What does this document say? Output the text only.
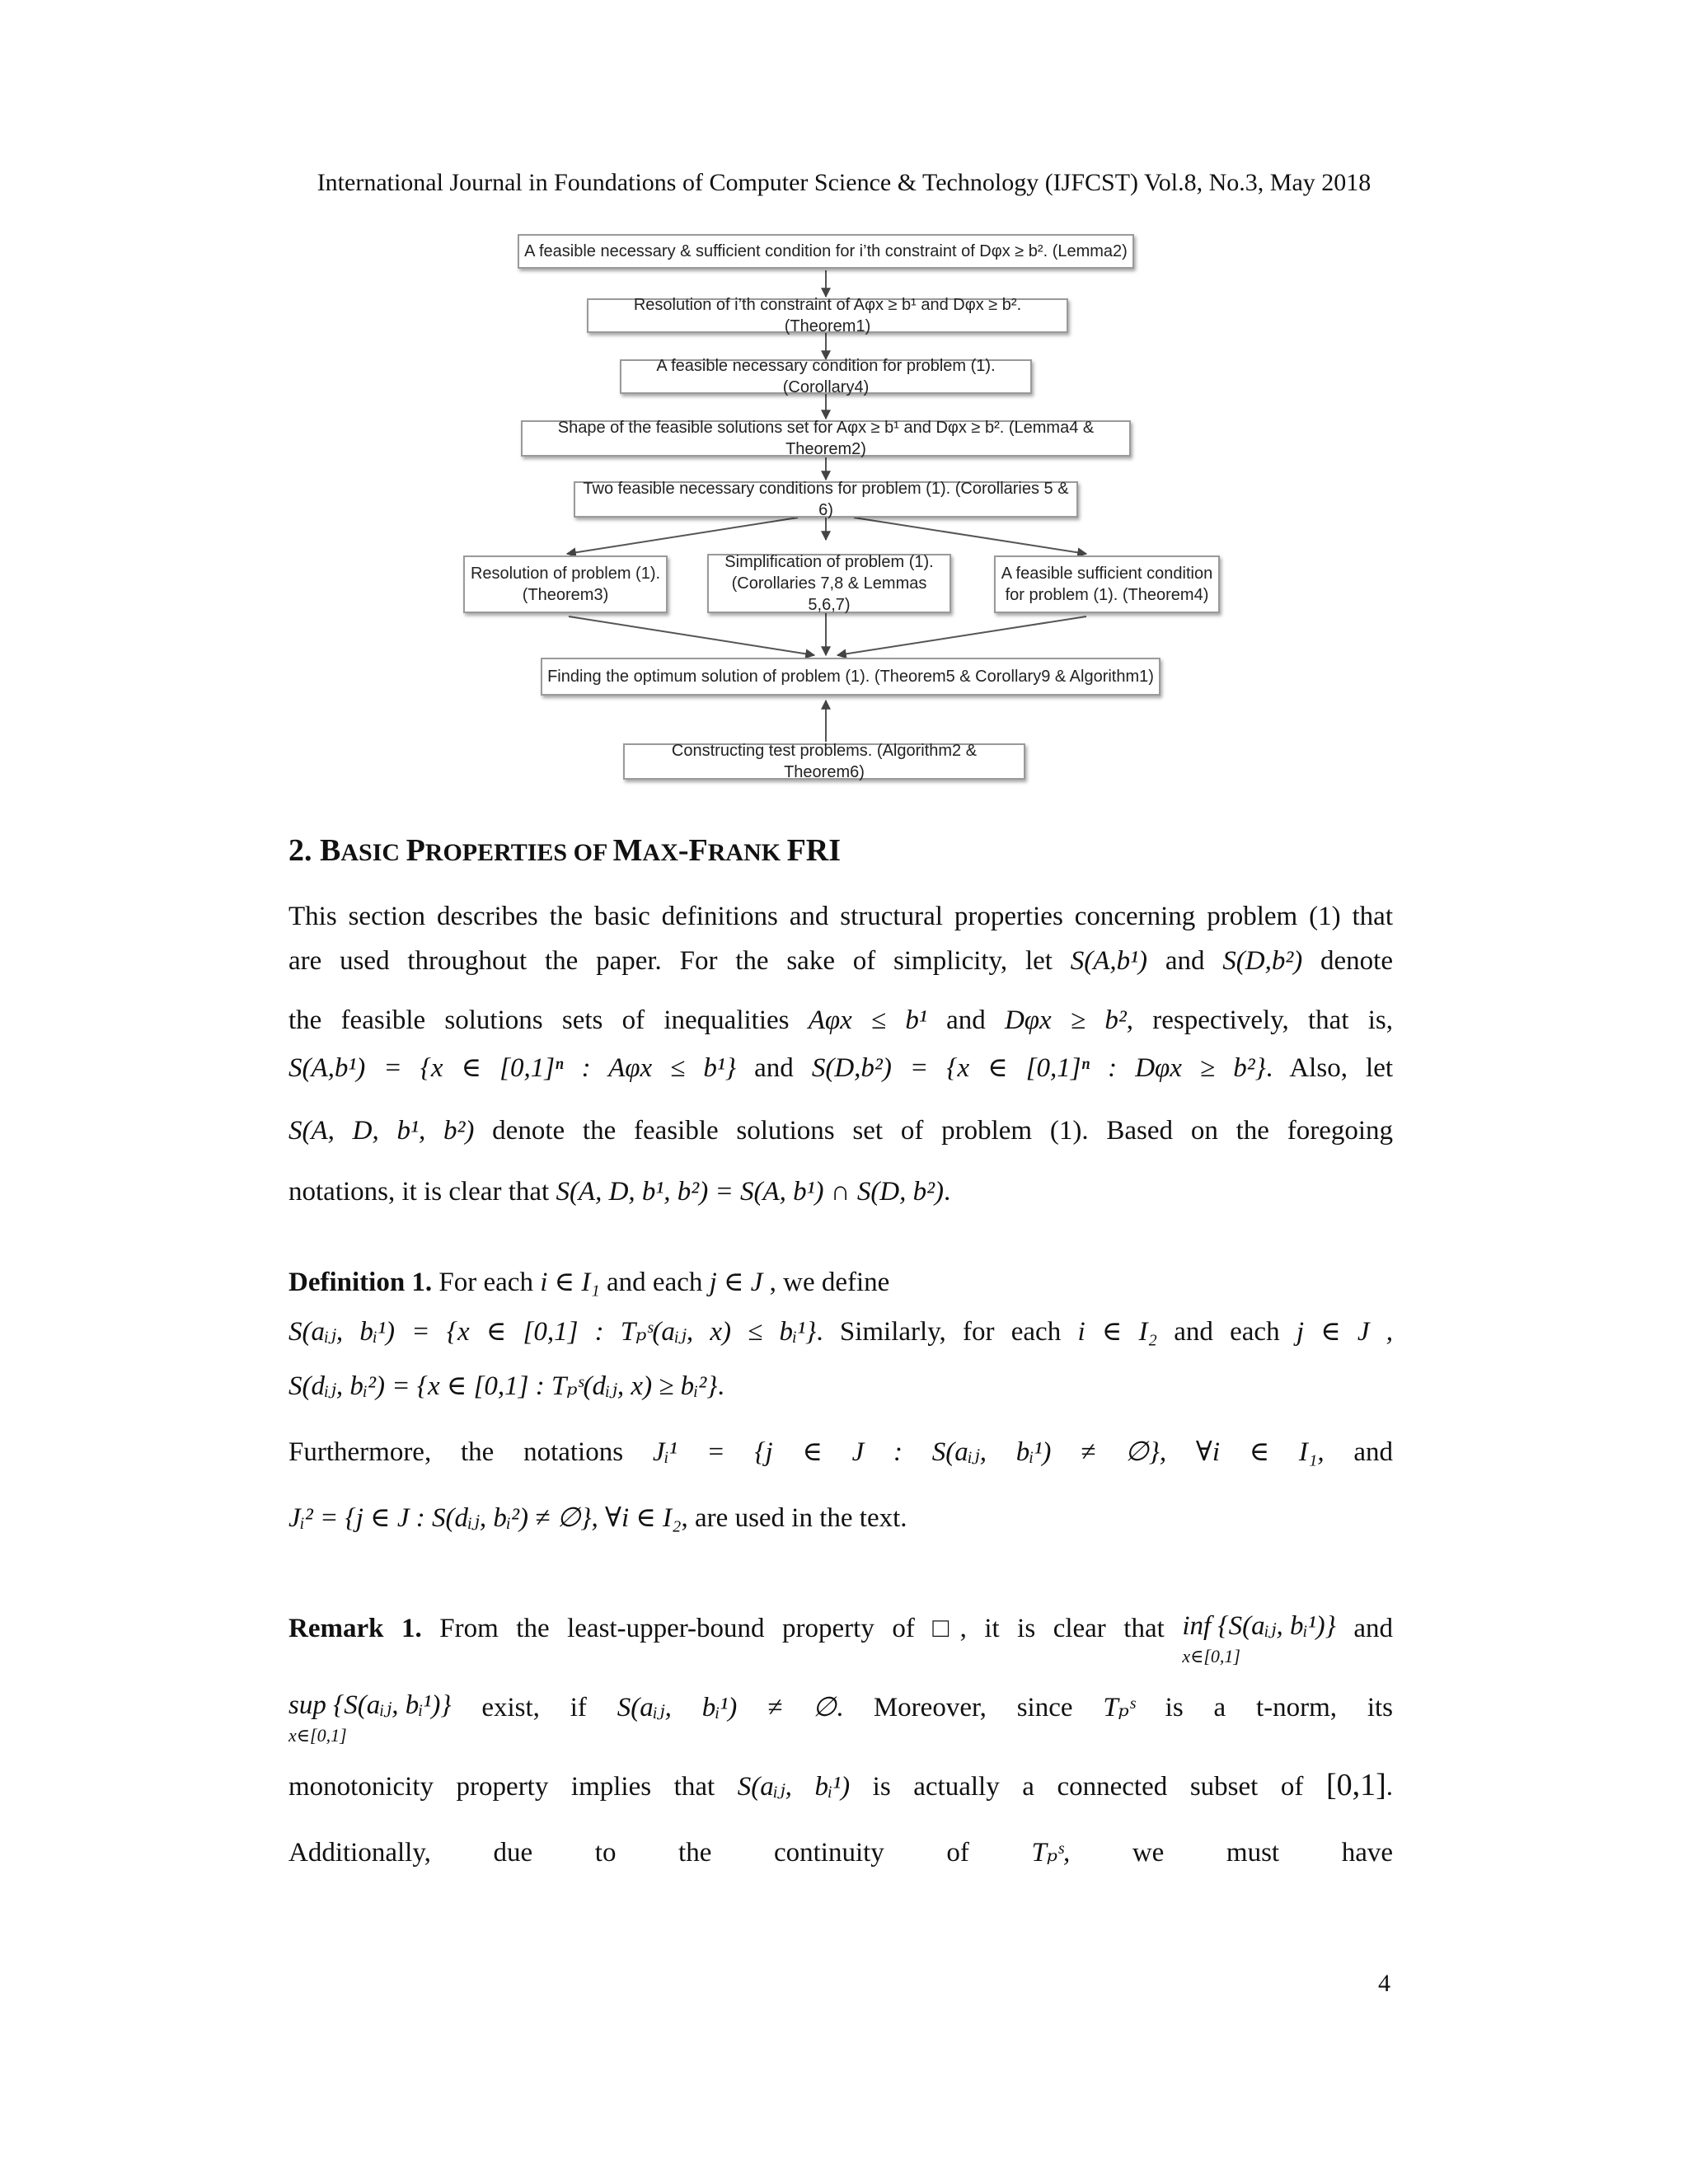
International Journal in Foundations of Computer Science & Technology (IJFCST) Vol.8, No.3, May 2018
A feasible necessary & sufficient condition for i’th constraint of Dφx ≥ b². (Lemma2)
Resolution of i’th constraint of Aφx ≥ b¹ and Dφx ≥ b². (Theorem1)
A feasible necessary condition for problem (1). (Corollary4)
Shape of the feasible solutions set for Aφx ≥ b¹ and Dφx ≥ b². (Lemma4 & Theorem2)
Two feasible necessary conditions for problem (1). (Corollaries 5 & 6)
Resolution of problem (1).
(Theorem3)
Simplification of problem (1).
(Corollaries 7,8 & Lemmas 5,6,7)
A feasible sufficient condition
for problem (1). (Theorem4)
Finding the optimum solution of problem (1). (Theorem5 & Corollary9 & Algorithm1)
Constructing test problems. (Algorithm2 & Theorem6)
2. BASIC PROPERTIES OF MAX-FRANK FRI
This section describes the basic definitions and structural properties concerning problem (1) that
are used throughout the paper. For the sake of simplicity, let S(A,b¹) and S(D,b²) denote
the feasible solutions sets of inequalities Aφx ≤ b¹ and Dφx ≥ b², respectively, that is,
S(A,b¹) = {x ∈ [0,1]ⁿ : Aφx ≤ b¹} and S(D,b²) = {x ∈ [0,1]ⁿ : Dφx ≥ b²}. Also, let
S(A, D, b¹, b²) denote the feasible solutions set of problem (1). Based on the foregoing
notations, it is clear that S(A, D, b¹, b²) = S(A, b¹) ∩ S(D, b²).
Definition 1. For each i ∈ I₁ and each j ∈ J , we define
S(aᵢⱼ, bᵢ¹) = {x ∈ [0,1] : Tₚˢ(aᵢⱼ, x) ≤ bᵢ¹}. Similarly, for each i ∈ I₂ and each j ∈ J ,
S(dᵢⱼ, bᵢ²) = {x ∈ [0,1] : Tₚˢ(dᵢⱼ, x) ≥ bᵢ²}.
Furthermore, the notations Jᵢ¹ = {j ∈ J : S(aᵢⱼ, bᵢ¹) ≠ ∅}, ∀i ∈ I₁, and
Jᵢ² = {j ∈ J : S(dᵢⱼ, bᵢ²) ≠ ∅}, ∀i ∈ I₂, are used in the text.
Remark 1. From the least-upper-bound property of □, it is clear that inf {S(aᵢⱼ, bᵢ¹)}
x∈[0,1] and
sup {S(aᵢⱼ, bᵢ¹)}
x∈[0,1] exist, if S(aᵢⱼ, bᵢ¹) ≠ ∅. Moreover, since Tₚˢ is a t-norm, its
monotonicity property implies that S(aᵢⱼ, bᵢ¹) is actually a connected subset of [0,1].
Additionally, due to the continuity of Tₚˢ, we must have
4
